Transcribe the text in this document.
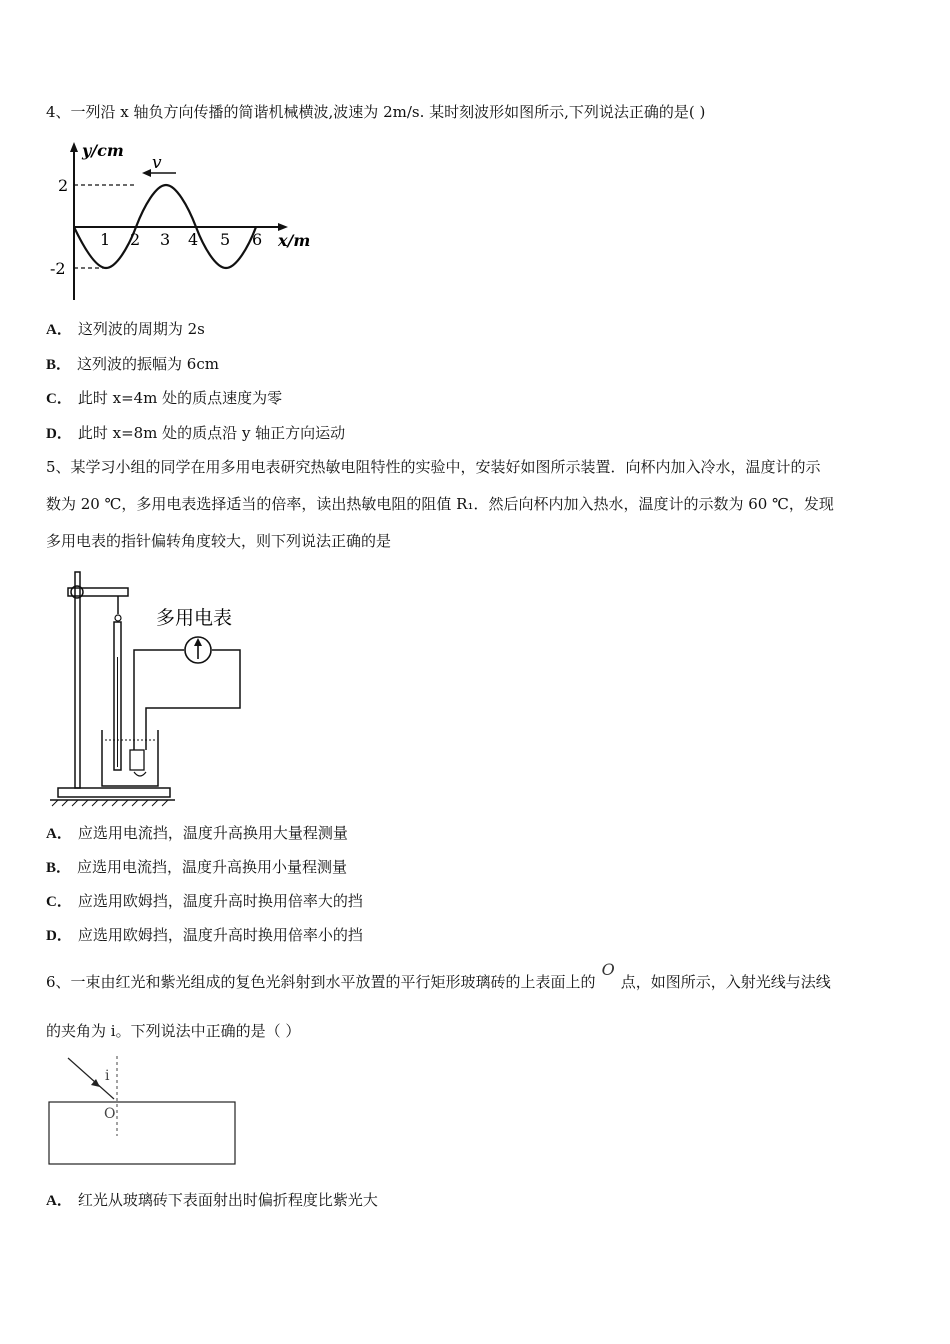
4、一列沿 x 轴负方向传播的简谐机械横波,波速为 2m/s. 某时刻波形如图所示,下列说法正确的是( )
v
y/cm
x/m
2
-2
1 2 3 4 5 6
A． 这列波的周期为 2s
B． 这列波的振幅为 6cm
C． 此时 x=4m 处的质点速度为零
D． 此时 x=8m 处的质点沿 y 轴正方向运动
5、某学习小组的同学在用多用电表研究热敏电阻特性的实验中，安装好如图所示装置．向杯内加入冷水，温度计的示
数为 20 ℃，多用电表选择适当的倍率，读出热敏电阻的阻值 R₁．然后向杯内加入热水，温度计的示数为 60 ℃，发现
多用电表的指针偏转角度较大，则下列说法正确的是
多用电表
A． 应选用电流挡，温度升高换用大量程测量
B． 应选用电流挡，温度升高换用小量程测量
C． 应选用欧姆挡，温度升高时换用倍率大的挡
D． 应选用欧姆挡，温度升高时换用倍率小的挡
6、一束由红光和紫光组成的复色光斜射到水平放置的平行矩形玻璃砖的上表面上的O点，如图所示，入射光线与法线
的夹角为 i。下列说法中正确的是（ ）
i
O
A． 红光从玻璃砖下表面射出时偏折程度比紫光大
